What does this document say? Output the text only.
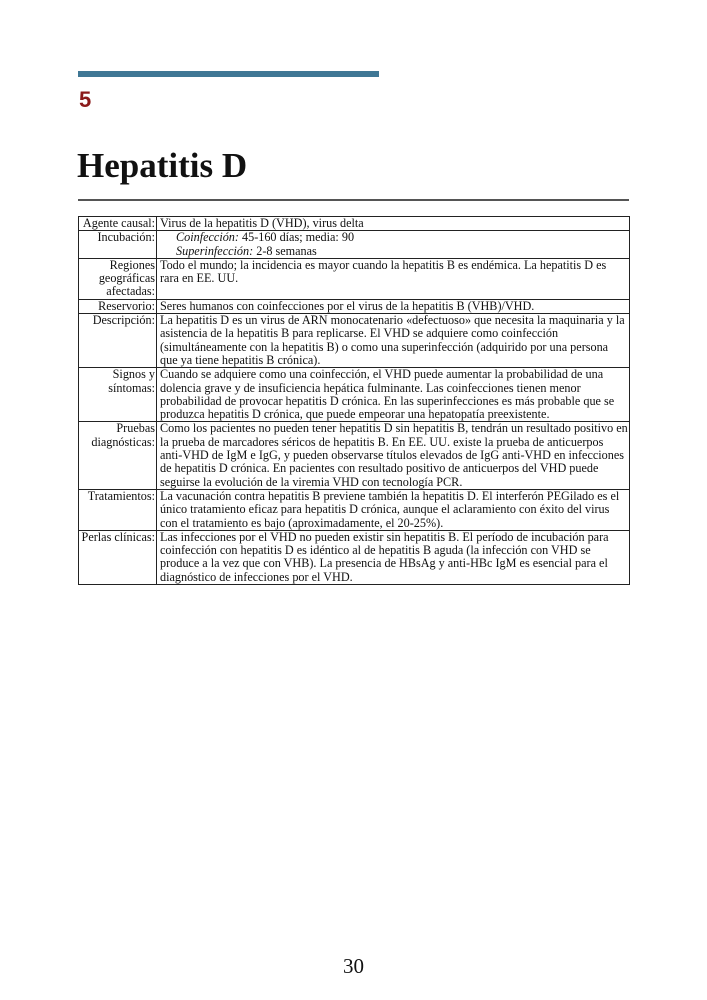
5
Hepatitis D
Agente causal:	Virus de la hepatitis D (VHD), virus delta
Incubación:	Coinfección: 45-160 días; media: 90
Superinfección: 2-8 semanas

Regiones geográficas afectadas:	Todo el mundo; la incidencia es mayor cuando la hepatitis B es endémica. La hepatitis D es rara en EE. UU.
Reservorio:	Seres humanos con coinfecciones por el virus de la hepatitis B (VHB)/VHD.
Descripción:	La hepatitis D es un virus de ARN monocatenario «defectuoso» que necesita la maquinaria y la asistencia de la hepatitis B para replicarse. El VHD se adquiere como coinfección (simultáneamente con la hepatitis B) o como una superinfección (adquirido por una persona que ya tiene hepatitis B crónica).
Signos y síntomas:	Cuando se adquiere como una coinfección, el VHD puede aumentar la probabilidad de una dolencia grave y de insuficiencia hepática fulminante. Las coinfecciones tienen menor probabilidad de provocar hepatitis D crónica. En las superinfecciones es más probable que se produzca hepatitis D crónica, que puede empeorar una hepatopatía preexistente.
Pruebas diagnósticas:	Como los pacientes no pueden tener hepatitis D sin hepatitis B, tendrán un resultado positivo en la prueba de marcadores séricos de hepatitis B. En EE. UU. existe la prueba de anticuerpos anti-VHD de IgM e IgG, y pueden observarse títulos elevados de IgG anti-VHD en infecciones de hepatitis D crónica. En pacientes con resultado positivo de anticuerpos del VHD puede seguirse la evolución de la viremia VHD con tecnología PCR.
Tratamientos:	La vacunación contra hepatitis B previene también la hepatitis D. El interferón PEGilado es el único tratamiento eficaz para hepatitis D crónica, aunque el aclaramiento con éxito del virus con el tratamiento es bajo (aproximadamente, el 20-25%).
Perlas clínicas:	Las infecciones por el VHD no pueden existir sin hepatitis B. El período de incubación para coinfección con hepatitis D es idéntico al de hepatitis B aguda (la infección con VHD se produce a la vez que con VHB). La presencia de HBsAg y anti-HBc IgM es esencial para el diagnóstico de infecciones por el VHD.
30
